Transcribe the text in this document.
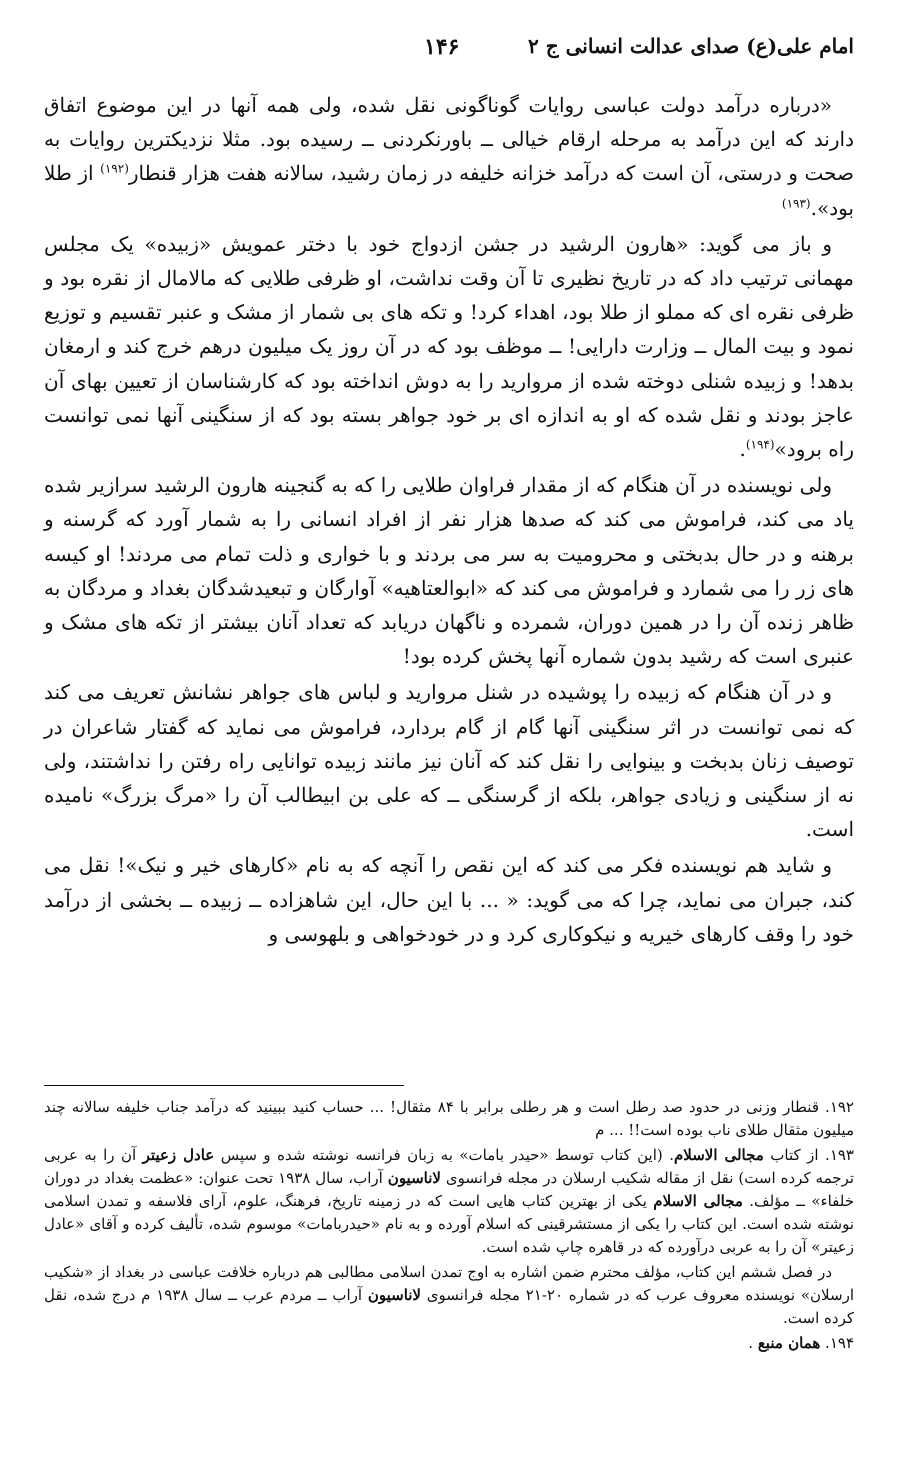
امام علی(ع) صدای عدالت انسانی ج ۲
۱۴۶

«درباره درآمد دولت عباسی روایات گوناگونی نقل شده، ولی همه آنها در این موضوع اتفاق دارند که این درآمد به مرحله ارقام خیالی ــ باورنکردنی ــ رسیده بود. مثلا نزدیکترین روایات به صحت و درستی، آن است که درآمد خزانه خلیفه در زمان رشید، سالانه هفت هزار قنطار$^{(۱۹۲)}$ از طلا بود».$^{(۱۹۳)}$

و باز می گوید: «هارون الرشید در جشن ازدواج خود با دختر عمویش «زبیده» یک مجلس مهمانی ترتیب داد که در تاریخ نظیری تا آن وقت نداشت، او ظرفی طلایی که مالامال از نقره بود و ظرفی نقره ای که مملو از طلا بود، اهداء کرد! و تکه های بی شمار از مشک و عنبر تقسیم و توزیع نمود و بیت المال ــ وزارت دارایی! ــ موظف بود که در آن روز یک میلیون درهم خرج کند و ارمغان بدهد! و زبیده شنلی دوخته شده از مروارید را به دوش انداخته بود که کارشناسان از تعیین بهای آن عاجز بودند و نقل شده که او به اندازه ای بر خود جواهر بسته بود که از سنگینی آنها نمی توانست راه برود»$^{(۱۹۴)}$.

ولی نویسنده در آن هنگام که از مقدار فراوان طلایی را که به گنجینه هارون الرشید سرازیر شده یاد می کند، فراموش می کند که صدها هزار نفر از افراد انسانی را به شمار آورد که گرسنه و برهنه و در حال بدبختی و محرومیت به سر می بردند و با خواری و ذلت تمام می مردند! او کیسه های زر را می شمارد و فراموش می کند که «ابوالعتاهیه» آوارگان و تبعیدشدگان بغداد و مردگان به ظاهر زنده آن را در همین دوران، شمرده و ناگهان دریابد که تعداد آنان بیشتر از تکه های مشک و عنبری است که رشید بدون شماره آنها پخش کرده بود!

و در آن هنگام که زبیده را پوشیده در شنل مروارید و لباس های جواهر نشانش تعریف می کند که نمی توانست در اثر سنگینی آنها گام از گام بردارد، فراموش می نماید که گفتار شاعران در توصیف زنان بدبخت و بینوایی را نقل کند که آنان نیز مانند زبیده توانایی راه رفتن را نداشتند، ولی نه از سنگینی و زیادی جواهر، بلکه از گرسنگی ــ که علی بن ابیطالب آن را «مرگ بزرگ» نامیده است.

و شاید هم نویسنده فکر می کند که این نقص را آنچه که به نام «کارهای خیر و نیک»! نقل می کند، جبران می نماید، چرا که می گوید: « ... با این حال، این شاهزاده ــ زبیده ــ بخشی از درآمد خود را وقف کارهای خیریه و نیکوکاری کرد و در خودخواهی و بلهوسی و

۱۹۲. قنطار وزنی در حدود صد رطل است و هر رطلی برابر با ۸۴ مثقال! ... حساب کنید ببینید که درآمد جناب خلیفه سالانه چند میلیون مثقال طلای ناب بوده است!! ... م

۱۹۳. از کتاب مجالی الاسلام. (این کتاب توسط «حیدر بامات» به زبان فرانسه نوشته شده و سپس عادل زعیتر آن را به عربی ترجمه کرده است) نقل از مقاله شکیب ارسلان در مجله فرانسوی لاناسیون آراب، سال ۱۹۳۸ تحت عنوان: «عظمت بغداد در دوران خلفاء» ــ مؤلف. مجالی الاسلام یکی از بهترین کتاب هایی است که در زمینه تاریخ، فرهنگ، علوم، آرای فلاسفه و تمدن اسلامی نوشته شده است. این کتاب را یکی از مستشرقینی که اسلام آورده و به نام «حیدربامات» موسوم شده، تألیف کرده و آقای «عادل زعیتر» آن را به عربی درآورده که در قاهره چاپ شده است.

در فصل ششم این کتاب، مؤلف محترم ضمن اشاره به اوج تمدن اسلامی مطالبی هم درباره خلافت عباسی در بغداد از «شکیب ارسلان» نویسنده معروف عرب که در شماره ۲۰-۲۱ مجله فرانسوی لاناسیون آراب ــ مردم عرب ــ سال ۱۹۳۸ م درج شده، نقل کرده است.

۱۹۴. همان منبع .
